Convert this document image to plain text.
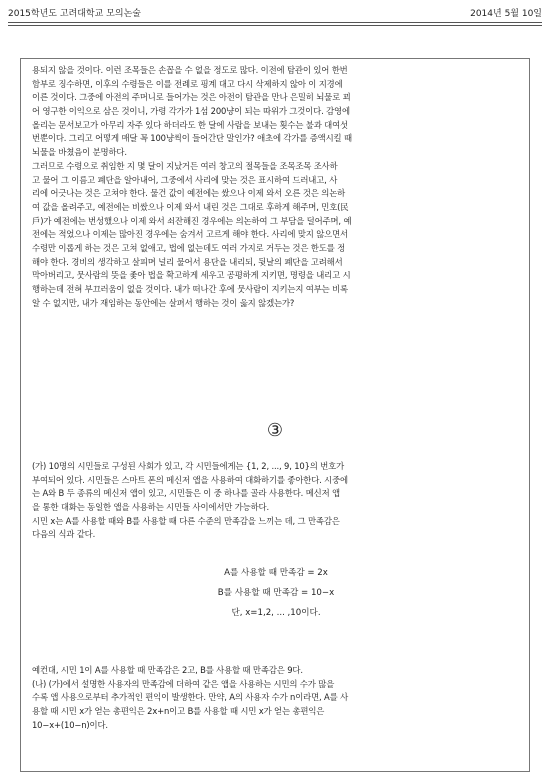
2015학년도 고려대학교 모의논술	2014년 5월 10일
용되지 않을 것이다. 이런 조목들은 손꼽을 수 없을 정도로 많다. 이전에 탐관이 있어 한번
함부로 징수하면, 이후의 수령들은 이를 전례로 핑계 대고 다시 삭제하지 않아 이 지경에
이른 것이다. 그중에 아전의 주머니로 들어가는 것은 아전이 탐관을 만나 은밀히 뇌물로 꾀
어 영구한 이익으로 삼은 것이니, 가령 각가가 1섬 200냥이 되는 따위가 그것이다. 감영에
올리는 문서보고가 아무리 자주 있다 하더라도 한 달에 사람을 보내는 횟수는 불과 대여섯
번뿐이다. 그리고 어떻게 매달 꼭 100냥씩이 들어간단 말인가? 애초에 각가를 증액시킬 때
뇌물을 바쳤음이 분명하다.
그러므로 수령으로 취임한 지 몇 달이 지났거든 여러 창고의 절목들을 조목조목 조사하
고 물어 그 이름고 폐단을 알아내어, 그중에서 사리에 맞는 것은 표시하여 드러내고, 사
리에 어긋나는 것은 고쳐야 한다. 물건 값이 예전에는 쌌으나 이제 와서 오른 것은 의논하
여 값을 올려주고, 예전에는 비쌌으나 이제 와서 내린 것은 그대로 후하게 해주며, 민호(民
戶)가 예전에는 번성했으나 이제 와서 쇠잔해진 경우에는 의논하여 그 부담을 덜어주며, 예
전에는 적었으나 이제는 많아진 경우에는 숨겨서 고르게 해야 한다. 사리에 맞지 않으면서
수령만 이롭게 하는 것은 고쳐 없애고, 법에 없는데도 여러 가지로 거두는 것은 한도를 정
해야 한다. 경비의 생각하고 살피며 널리 물어서 용단을 내리되, 뒷날의 폐단을 고려해서
막아버리고, 뭇사람의 뜻을 좇아 법을 확고하게 세우고 공평하게 지키면, 명령을 내리고 시
행하는데 전혀 부끄러움이 없을 것이다. 내가 떠나간 후에 뭇사람이 지키는지 여부는 비록
알 수 없지만, 내가 재임하는 동안에는 살펴서 행하는 것이 옳지 않겠는가?
③
(가) 10명의 시민들로 구성된 사회가 있고, 각 시민들에게는 {1, 2, ..., 9, 10}의 번호가
부여되어 있다. 시민들은 스마트 폰의 메신저 앱을 사용하여 대화하기를 좋아한다. 시중에
는 A와 B 두 종류의 메신저 앱이 있고, 시민들은 이 중 하나를 골라 사용한다. 메신저 앱
을 통한 대화는 동일한 앱을 사용하는 시민들 사이에서만 가능하다.
시민 x는 A를 사용할 때와 B를 사용할 때 다른 수준의 만족감을 느끼는 데, 그 만족감은
다음의 식과 같다.
A를 사용할 때 만족감 = 2x
B를 사용할 때 만족감 = 10−x
단, x=1,2, ... ,10이다.
예컨대, 시민 1이 A를 사용할 때 만족감은 2고, B를 사용할 때 만족감은 9다.
(나) (가)에서 설명한 사용자의 만족감에 더하여 같은 앱을 사용하는 시민의 수가 많을
수록 앱 사용으로부터 추가적인 편익이 발생한다. 만약, A의 사용자 수가 n이라면, A를 사
용할 때 시민 x가 얻는 총편익은 2x+n이고 B를 사용할 때 시민 x가 얻는 총편익은
10−x+(10−n)이다.
